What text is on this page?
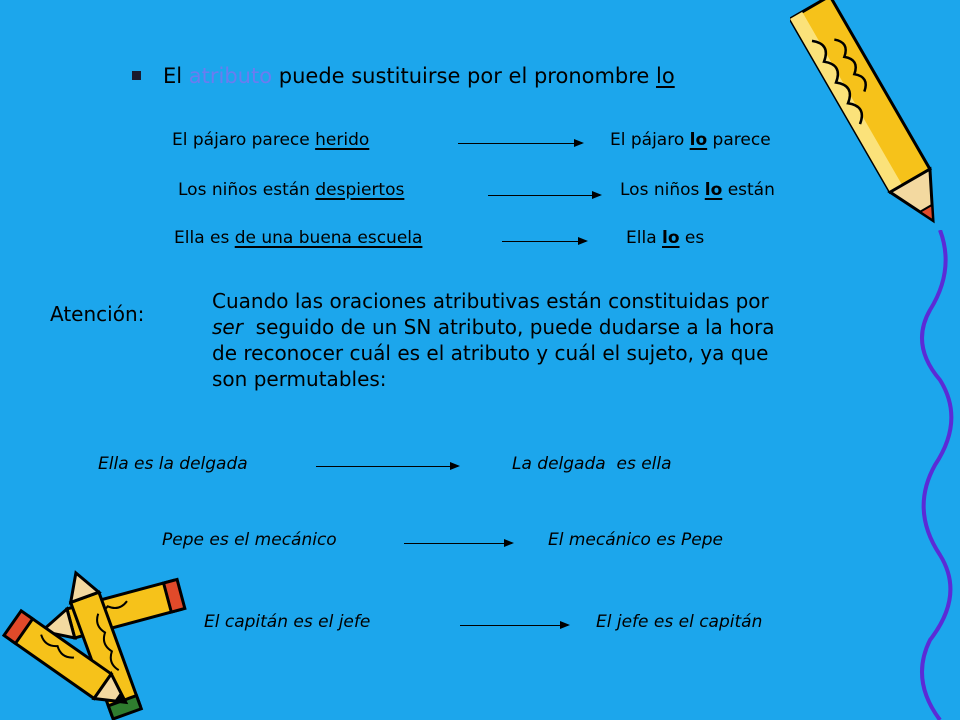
El atributo puede sustituirse por el pronombre lo
El pájaro parece herido	El pájaro lo parece
Los niños están despiertos	Los niños lo están
Ella es de una buena escuela	Ella lo es
Atención:
Cuando las oraciones atributivas están constituidas por
ser  seguido de un SN atributo, puede dudarse a la hora
de reconocer cuál es el atributo y cuál el sujeto, ya que
son permutables:
Ella es la delgada	La delgada  es ella
Pepe es el mecánico	El mecánico es Pepe
El capitán es el jefe	El jefe es el capitán
